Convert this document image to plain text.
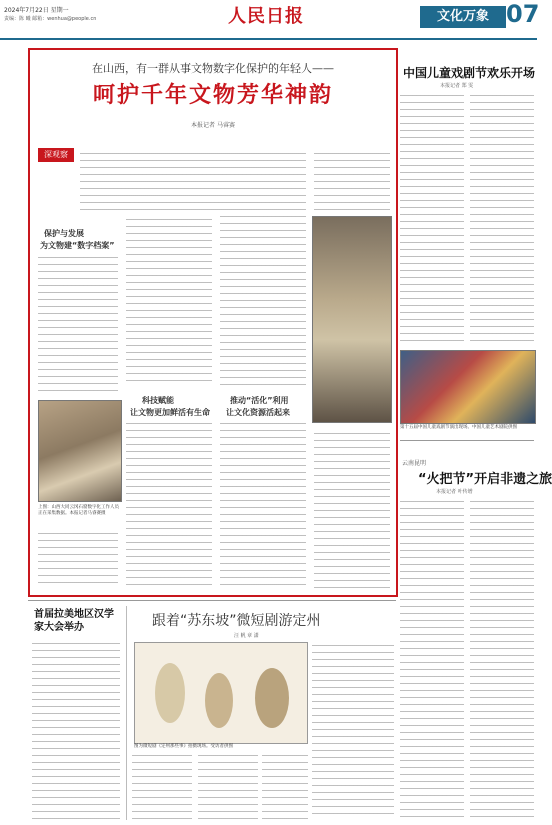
2024年7月22日 星期一
责编：陈 曦 邮箱：wenhua@people.cn	人民日报	文化万象 07
在山西，有一群从事文物数字化保护的年轻人——
呵护千年文物芳华神韵
本报记者 马睿赛
深观察
保护与发展
为文物建“数字档案”
上图：山西大同云冈石窟数字化工作人员正在采集数据。本报记者马睿赛摄
科技赋能
让文物更加鲜活有生命
推动“活化”利用
让文化资源活起来
中国儿童戏剧节欢乐开场
本报记者 郑 雯
第十五届中国儿童戏剧节演出现场。中国儿童艺术剧院供图
云南昆明
“火把节”开启非遗之旅
本报记者 叶传增
首届拉美地区汉学家大会举办	跟着“苏东坡”微短剧游定州
汪 帆 章 潇
图为微短剧《定州那些事》拍摄现场。受访者供图
